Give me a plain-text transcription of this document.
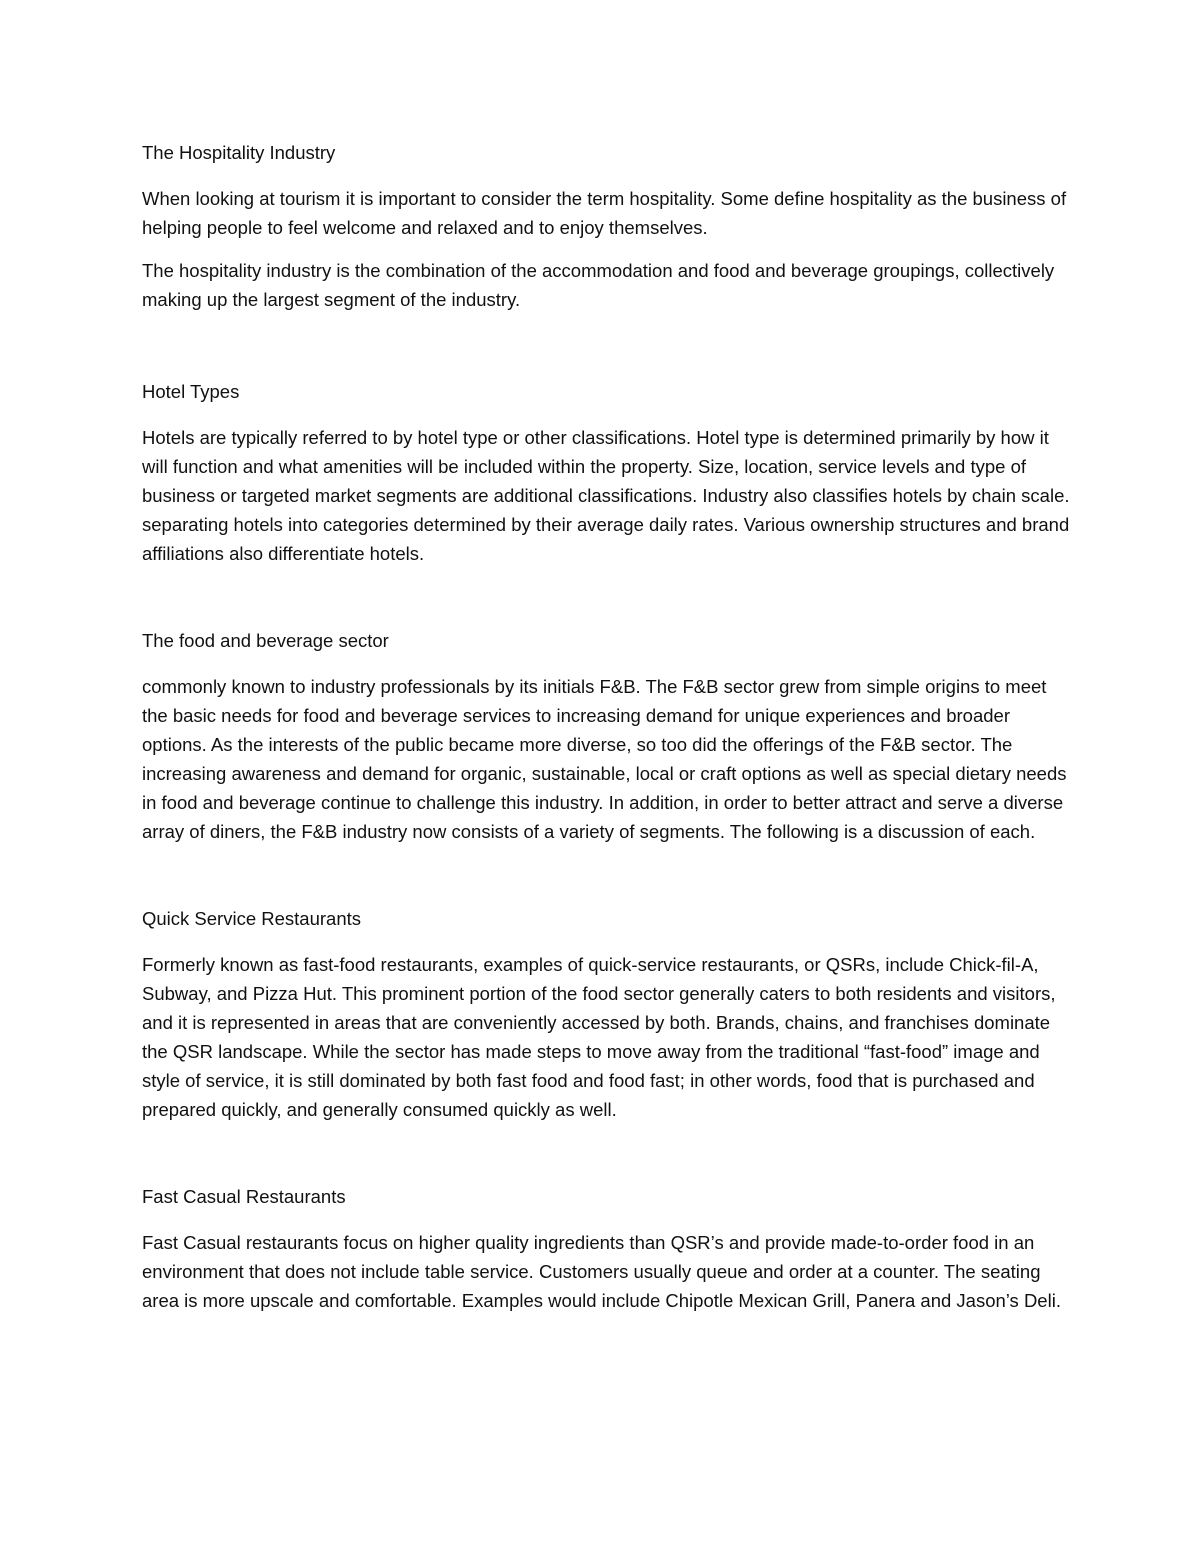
The Hospitality Industry

When looking at tourism it is important to consider the term hospitality. Some define hospitality as the business of helping people to feel welcome and relaxed and to enjoy themselves.

The hospitality industry is the combination of the accommodation and food and beverage groupings, collectively making up the largest segment of the industry.

Hotel Types

Hotels are typically referred to by hotel type or other classifications. Hotel type is determined primarily by how it will function and what amenities will be included within the property. Size, location, service levels and type of business or targeted market segments are additional classifications. Industry also classifies hotels by chain scale. separating hotels into categories determined by their average daily rates. Various ownership structures and brand affiliations also differentiate hotels.

The food and beverage sector

commonly known to industry professionals by its initials F&B. The F&B sector grew from simple origins to meet the basic needs for food and beverage services to increasing demand for unique experiences and broader options. As the interests of the public became more diverse, so too did the offerings of the F&B sector. The increasing awareness and demand for organic, sustainable, local or craft options as well as special dietary needs in food and beverage continue to challenge this industry. In addition, in order to better attract and serve a diverse array of diners, the F&B industry now consists of a variety of segments. The following is a discussion of each.

Quick Service Restaurants

Formerly known as fast-food restaurants, examples of quick-service restaurants, or QSRs, include Chick-fil-A, Subway, and Pizza Hut. This prominent portion of the food sector generally caters to both residents and visitors, and it is represented in areas that are conveniently accessed by both. Brands, chains, and franchises dominate the QSR landscape. While the sector has made steps to move away from the traditional “fast-food” image and style of service, it is still dominated by both fast food and food fast; in other words, food that is purchased and prepared quickly, and generally consumed quickly as well.

Fast Casual Restaurants

Fast Casual restaurants focus on higher quality ingredients than QSR’s and provide made-to-order food in an environment that does not include table service. Customers usually queue and order at a counter. The seating area is more upscale and comfortable. Examples would include Chipotle Mexican Grill, Panera and Jason’s Deli.
